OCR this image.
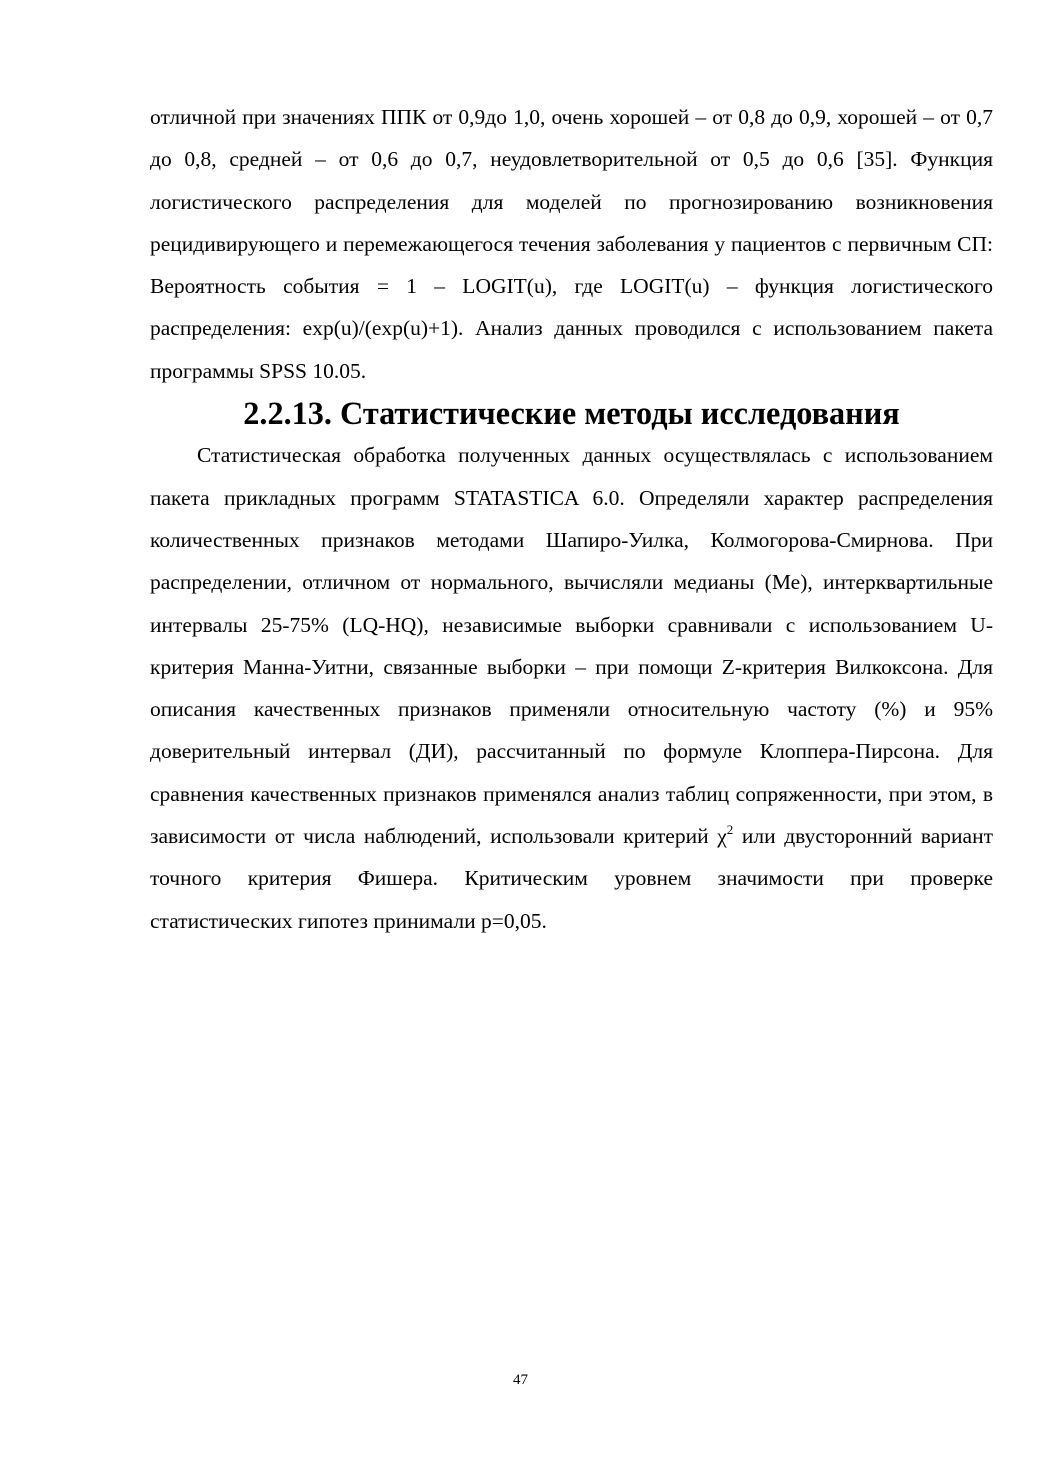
отличной при значениях ППК от 0,9до 1,0, очень хорошей – от 0,8 до 0,9, хорошей – от 0,7 до 0,8, средней – от 0,6 до 0,7, неудовлетворительной от 0,5 до 0,6 [35]. Функция логистического распределения для моделей по прогнозированию возникновения рецидивирующего и перемежающегося течения заболевания у пациентов с первичным СП: Вероятность события = 1 – LOGIT(u), где LOGIT(u) – функция логистического распределения: exp(u)/(exp(u)+1). Анализ данных проводился с использованием пакета программы SPSS 10.05.

2.2.13. Статистические методы исследования

Статистическая обработка полученных данных осуществлялась с использованием пакета прикладных программ STATASTICA 6.0. Определяли характер распределения количественных признаков методами Шапиро-Уилка, Колмогорова-Смирнова. При распределении, отличном от нормального, вычисляли медианы (Ме), интерквартильные интервалы 25-75% (LQ-HQ), независимые выборки сравнивали с использованием U-критерия Манна-Уитни, связанные выборки – при помощи Z-критерия Вилкоксона. Для описания качественных признаков применяли относительную частоту (%) и 95% доверительный интервал (ДИ), рассчитанный по формуле Клоппера-Пирсона. Для сравнения качественных признаков применялся анализ таблиц сопряженности, при этом, в зависимости от числа наблюдений, использовали критерий $\chi^2$ или двусторонний вариант точного критерия Фишера. Критическим уровнем значимости при проверке статистических гипотез принимали p=0,05.

47
